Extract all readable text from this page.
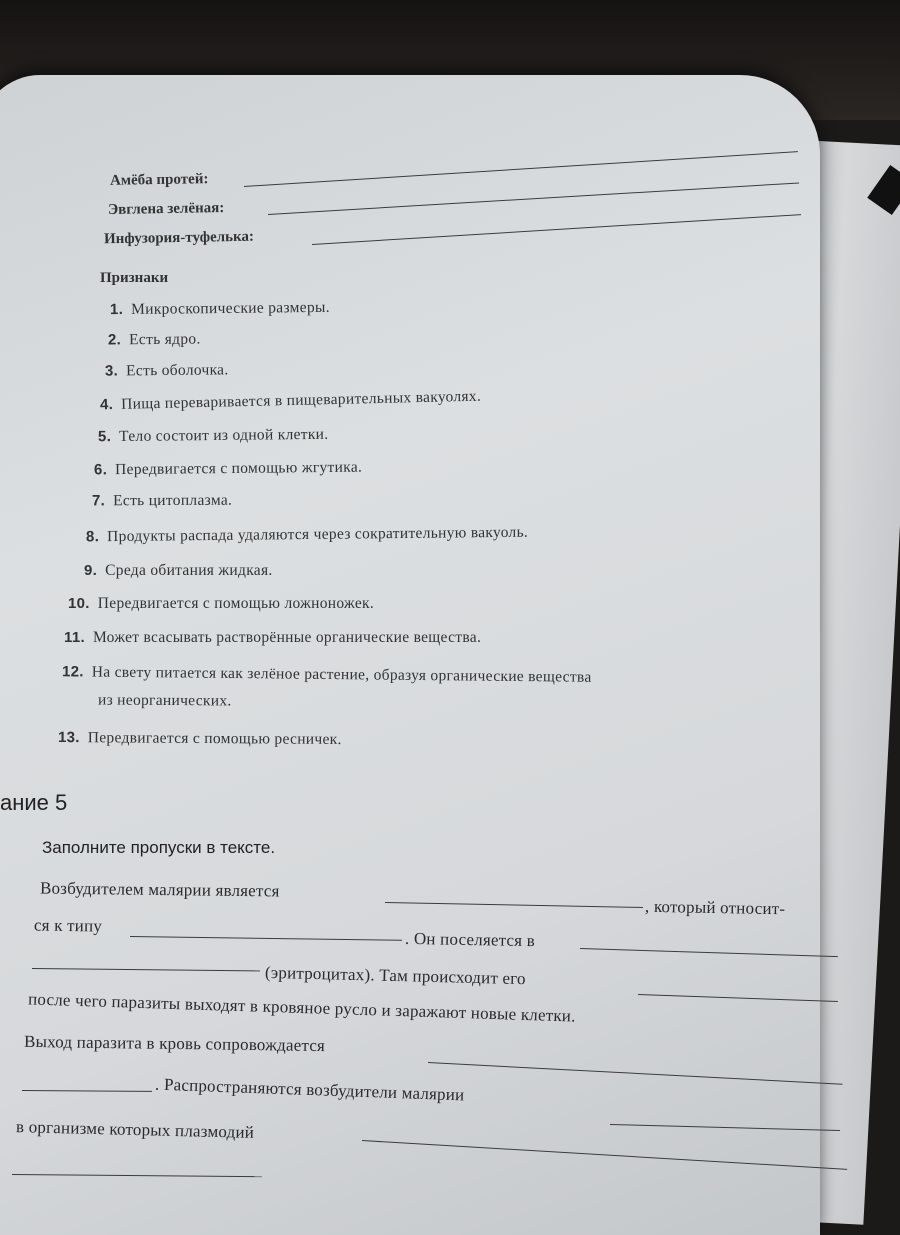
Амёба протей:
Эвглена зелёная:
Инфузория-туфелька:
Признаки
1. Микроскопические размеры.
2. Есть ядро.
3. Есть оболочка.
4. Пища переваривается в пищеварительных вакуолях.
5. Тело состоит из одной клетки.
6. Передвигается с помощью жгутика.
7. Есть цитоплазма.
8. Продукты распада удаляются через сократительную вакуоль.
9. Среда обитания жидкая.
10. Передвигается с помощью ложноножек.
11. Может всасывать растворённые органические вещества.
12. На свету питается как зелёное растение, образуя органические вещества
из неорганических.
13. Передвигается с помощью ресничек.
ание 5
Заполните пропуски в тексте.
Возбудителем малярии является
, который относит-
ся к типу
. Он поселяется в
(эритроцитах). Там происходит его
после чего паразиты выходят в кровяное русло и заражают новые клетки.
Выход паразита в кровь сопровождается
. Распространяются возбудители малярии
в организме которых плазмодий
